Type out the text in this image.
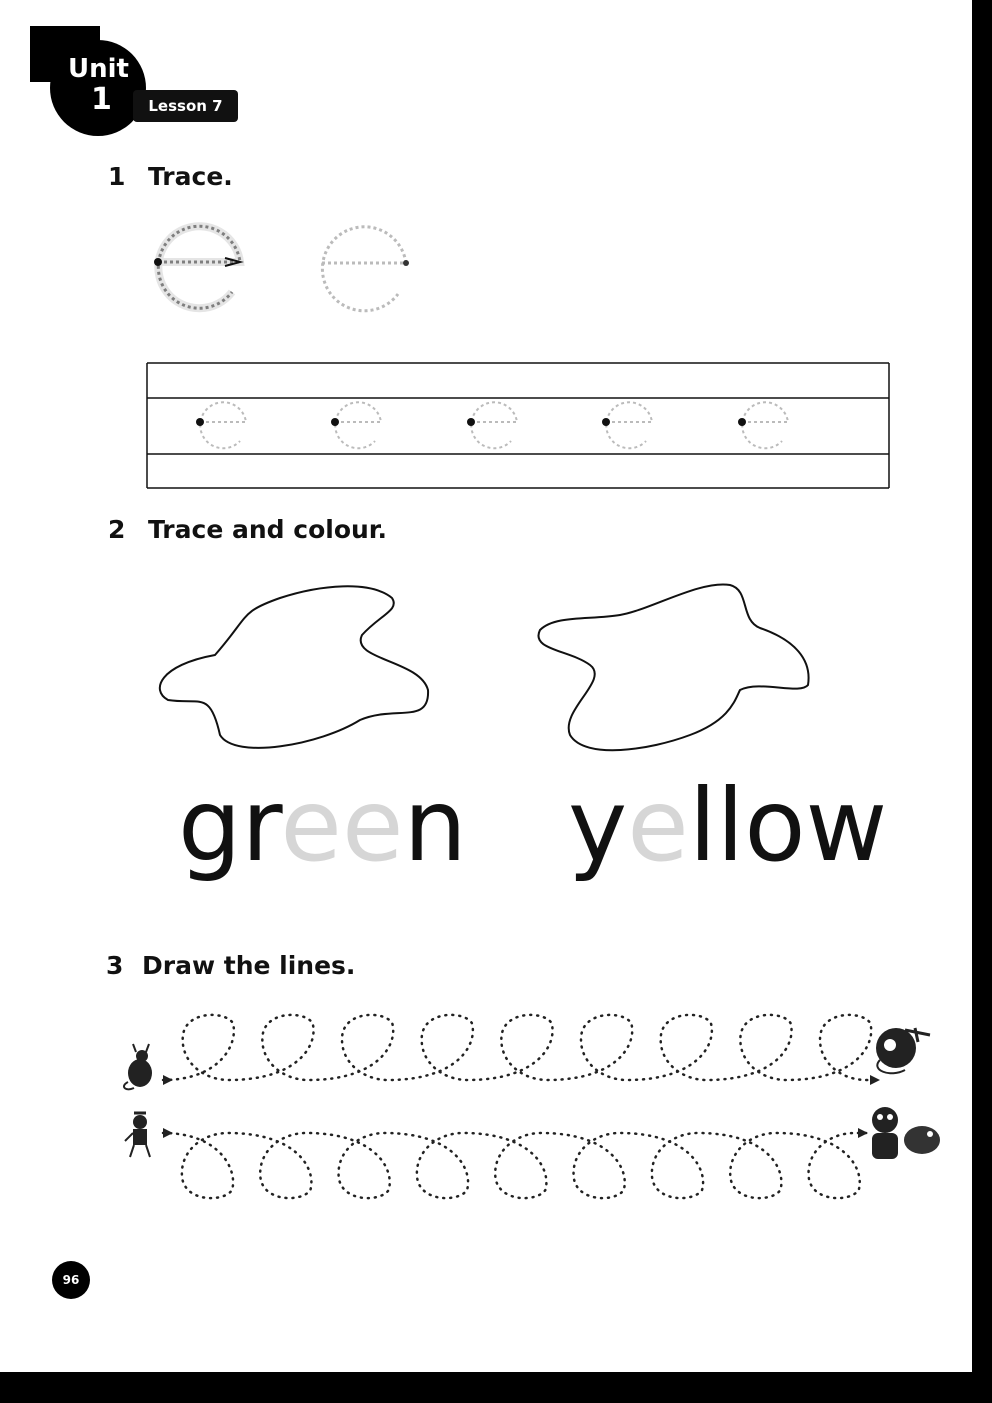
Unit
1	Lesson 7
1 Trace.
2 Trace and colour.
3 Draw the lines.
green yellow
96
